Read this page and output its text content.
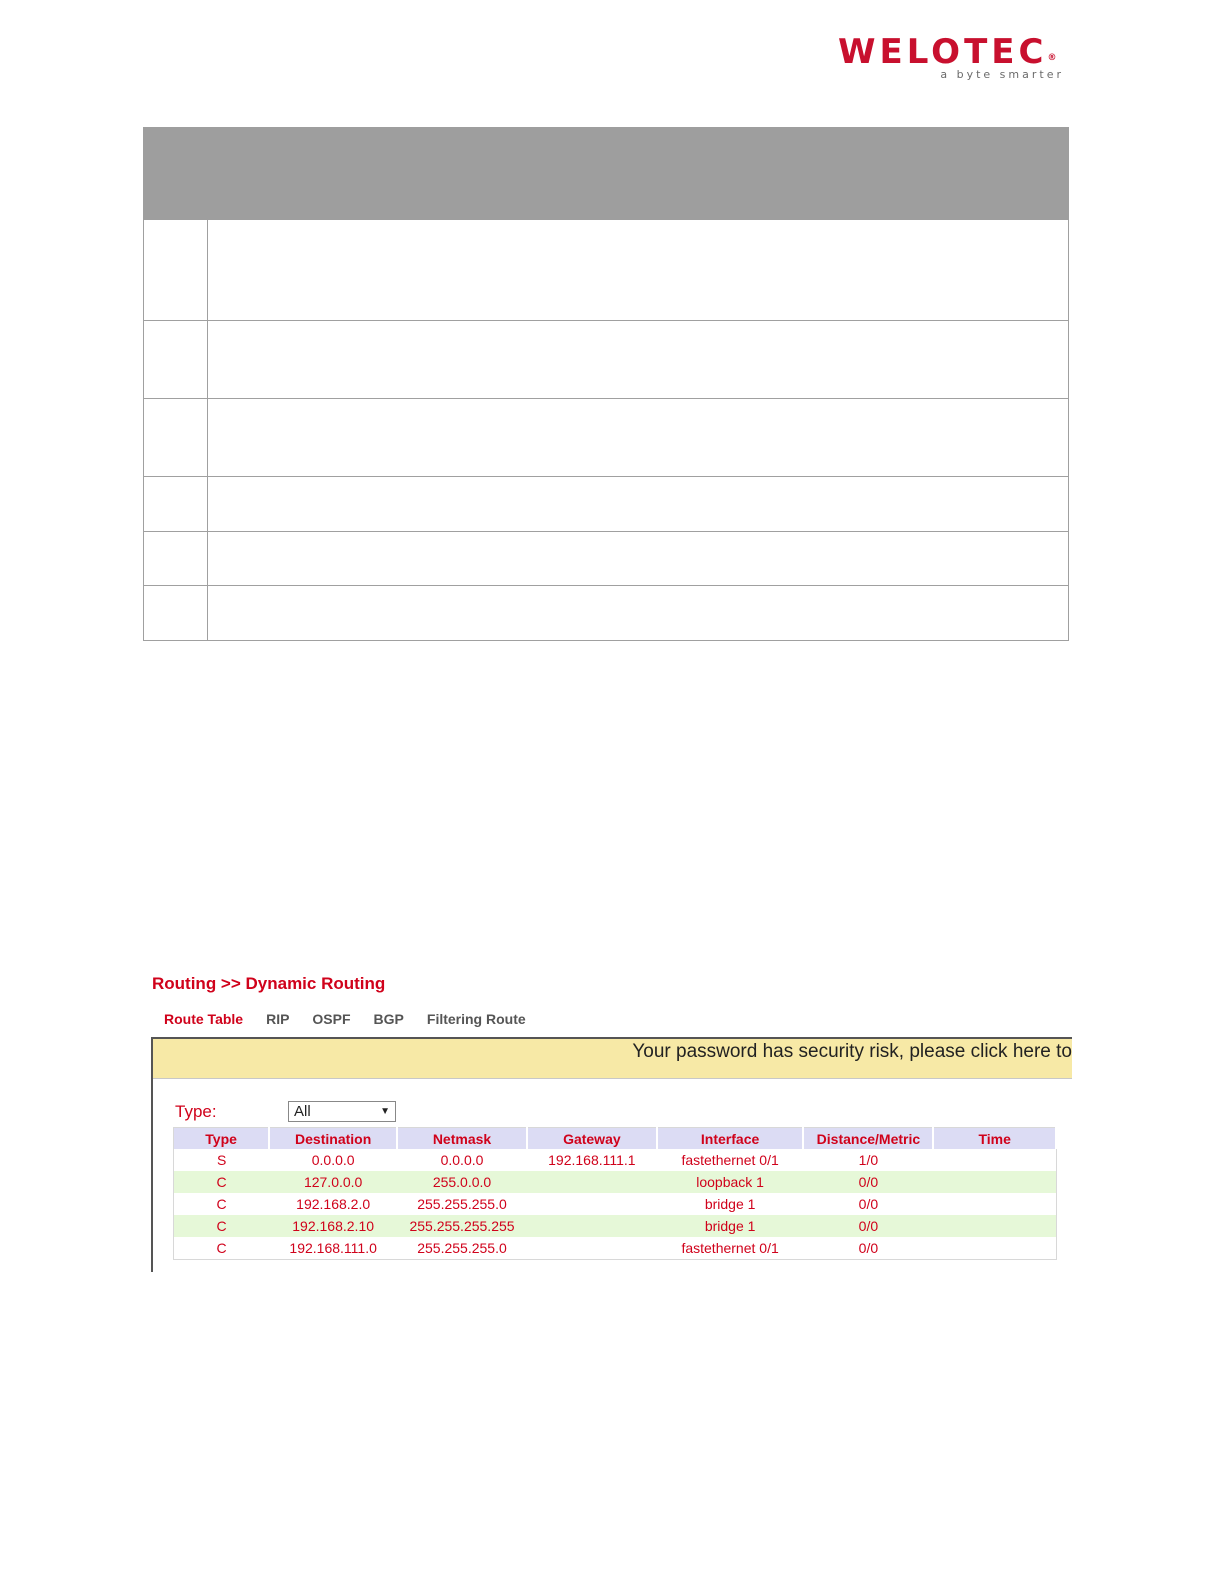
WELOTEC®
a byte smarter
Routing >> Dynamic Routing
Route Table RIP OSPF BGP Filtering Route
Your password has security risk, please click here to
Type:	All	▼
Type	Destination	Netmask	Gateway	Interface	Distance/Metric	Time
S	0.0.0.0	0.0.0.0	192.168.111.1	fastethernet 0/1	1/0	
C	127.0.0.0	255.0.0.0		loopback 1	0/0	
C	192.168.2.0	255.255.255.0		bridge 1	0/0	
C	192.168.2.10	255.255.255.255		bridge 1	0/0	
C	192.168.111.0	255.255.255.0		fastethernet 0/1	0/0	
